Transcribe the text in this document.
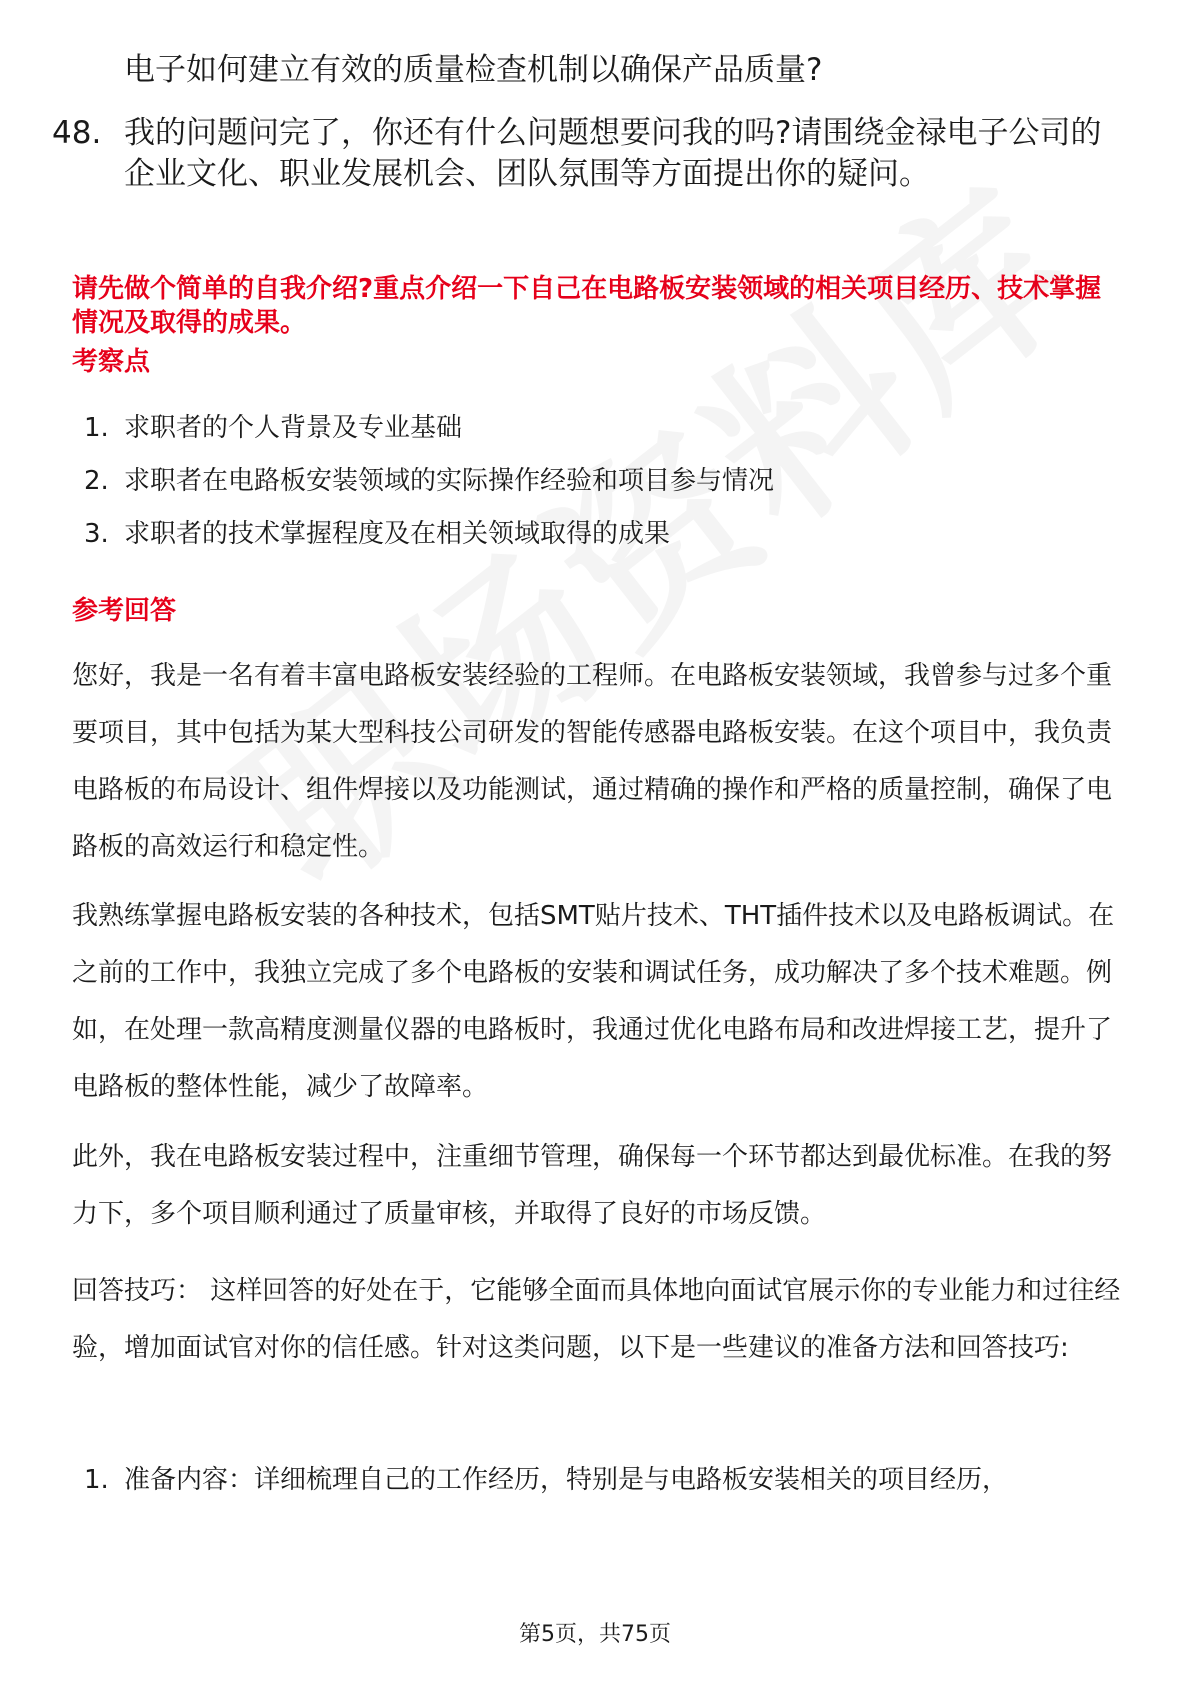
电子如何建立有效的质量检查机制以确保产品质量?
48. 我的问题问完了，你还有什么问题想要问我的吗?请围绕金禄电子公司的企业文化、职业发展机会、团队氛围等方面提出你的疑问。
请先做个简单的自我介绍?重点介绍一下自己在电路板安装领域的相关项目经历、技术掌握情况及取得的成果。
考察点
1. 求职者的个人背景及专业基础
2. 求职者在电路板安装领域的实际操作经验和项目参与情况
3. 求职者的技术掌握程度及在相关领域取得的成果
参考回答
您好，我是一名有着丰富电路板安装经验的工程师。在电路板安装领域，我曾参与过多个重要项目，其中包括为某大型科技公司研发的智能传感器电路板安装。在这个项目中，我负责电路板的布局设计、组件焊接以及功能测试，通过精确的操作和严格的质量控制，确保了电路板的高效运行和稳定性。
我熟练掌握电路板安装的各种技术，包括SMT贴片技术、THT插件技术以及电路板调试。在之前的工作中，我独立完成了多个电路板的安装和调试任务，成功解决了多个技术难题。例如，在处理一款高精度测量仪器的电路板时，我通过优化电路布局和改进焊接工艺，提升了电路板的整体性能，减少了故障率。
此外，我在电路板安装过程中，注重细节管理，确保每一个环节都达到最优标准。在我的努力下，多个项目顺利通过了质量审核，并取得了良好的市场反馈。
回答技巧： 这样回答的好处在于，它能够全面而具体地向面试官展示你的专业能力和过往经验，增加面试官对你的信任感。针对这类问题，以下是一些建议的准备方法和回答技巧:
1. 准备内容：详细梳理自己的工作经历，特别是与电路板安装相关的项目经历，
第5页，共75页
